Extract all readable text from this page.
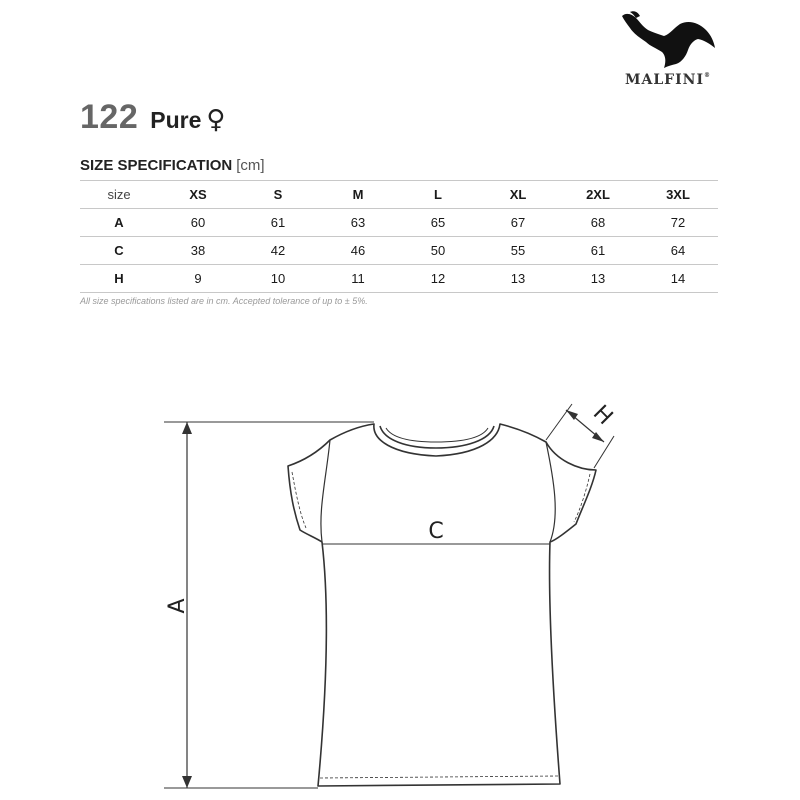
MALFINI®
122 Pure ♀
SIZE SPECIFICATION [cm]
size	XS	S	M	L	XL	2XL	3XL
A	60	61	63	65	67	68	72
C	38	42	46	50	55	61	64
H	9	10	11	12	13	13	14
All size specifications listed are in cm. Accepted tolerance of up to ± 5%.
A
C
H
